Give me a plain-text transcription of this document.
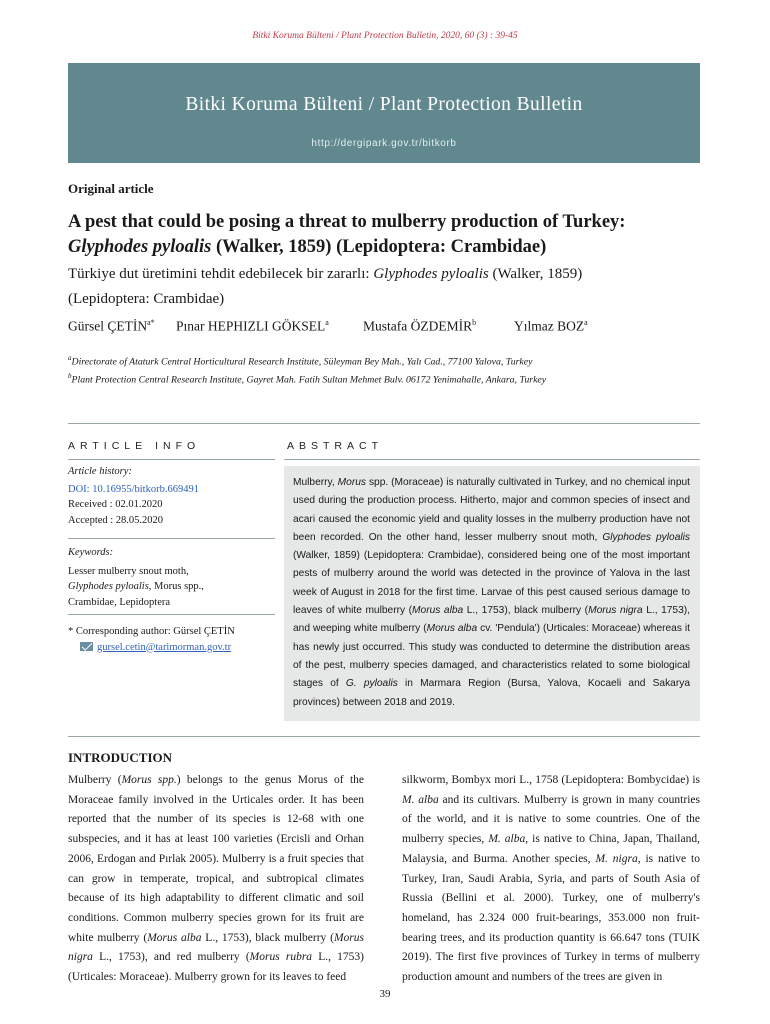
Bitki Koruma Bülteni / Plant Protection Bulletin, 2020, 60 (3) : 39-45
Bitki Koruma Bülteni / Plant Protection Bulletin
http://dergipark.gov.tr/bitkorb
Original article
A pest that could be posing a threat to mulberry production of Turkey:
Glyphodes pyloalis (Walker, 1859) (Lepidoptera: Crambidae)
Türkiye dut üretimini tehdit edebilecek bir zararlı: Glyphodes pyloalis (Walker, 1859)
(Lepidoptera: Crambidae)
Gürsel $ÇETİN^{a*}$ Pınar HEPHIZLI GÖKSEL$^a$	Mustafa ÖZDEMİR$^b$	Yılmaz BOZ$^a$
$^a$Directorate of Ataturk Central Horticultural Research Institute, Süleyman Bey Mah., Yalı Cad., 77100 Yalova, Turkey
$^b$Plant Protection Central Research Institute, Gayret Mah. Fatih Sultan Mehmet Bulv. 06172 Yenimahalle, Ankara, Turkey
ARTICLE INFO	ABSTRACT
Article history:
DOI: 10.16955/bitkorb.669491
Received : 02.01.2020
Accepted : 28.05.2020
Keywords:
Lesser mulberry snout moth,
Glyphodes pyloalis, Morus spp.,
Crambidae, Lepidoptera
* Corresponding author: Gürsel ÇETİN
gursel.cetin@tarimorman.gov.tr
Mulberry, Morus spp. (Moraceae) is naturally cultivated in Turkey, and no chemical input used during the production process. Hitherto, major and common species of insect and acari caused the economic yield and quality losses in the mulberry production have not been recorded. On the other hand, lesser mulberry snout moth, Glyphodes pyloalis (Walker, 1859) (Lepidoptera: Crambidae), considered being one of the most important pests of mulberry around the world was detected in the province of Yalova in the last week of August in 2018 for the first time. Larvae of this pest caused serious damage to leaves of white mulberry (Morus alba L., 1753), black mulberry (Morus nigra L., 1753), and weeping white mulberry (Morus alba cv. 'Pendula') (Urticales: Moraceae) whereas it has newly just occurred. This study was conducted to determine the distribution areas of the pest, mulberry species damaged, and characteristics related to some biological stages of G. pyloalis in Marmara Region (Bursa, Yalova, Kocaeli and Sakarya provinces) between 2018 and 2019.
INTRODUCTION
Mulberry (Morus spp.) belongs to the genus Morus of the Moraceae family involved in the Urticales order. It has been reported that the number of its species is 12-68 with one subspecies, and it has at least 100 varieties (Ercisli and Orhan 2006, Erdogan and Pırlak 2005). Mulberry is a fruit species that can grow in temperate, tropical, and subtropical climates because of its high adaptability to different climatic and soil conditions. Common mulberry species grown for its fruit are white mulberry (Morus alba L., 1753), black mulberry (Morus nigra L., 1753), and red mulberry (Morus rubra L., 1753) (Urticales: Moraceae). Mulberry grown for its leaves to feed
silkworm, Bombyx mori L., 1758 (Lepidoptera: Bombycidae) is M. alba and its cultivars. Mulberry is grown in many countries of the world, and it is native to some countries. One of the mulberry species, M. alba, is native to China, Japan, Thailand, Malaysia, and Burma. Another species, M. nigra, is native to Turkey, Iran, Saudi Arabia, Syria, and parts of South Asia of Russia (Bellini et al. 2000). Turkey, one of mulberry's homeland, has 2.324 000 fruit-bearings, 353.000 non fruit-bearing trees, and its production quantity is 66.647 tons (TUIK 2019). The first five provinces of Turkey in terms of mulberry production amount and numbers of the trees are given in
39
